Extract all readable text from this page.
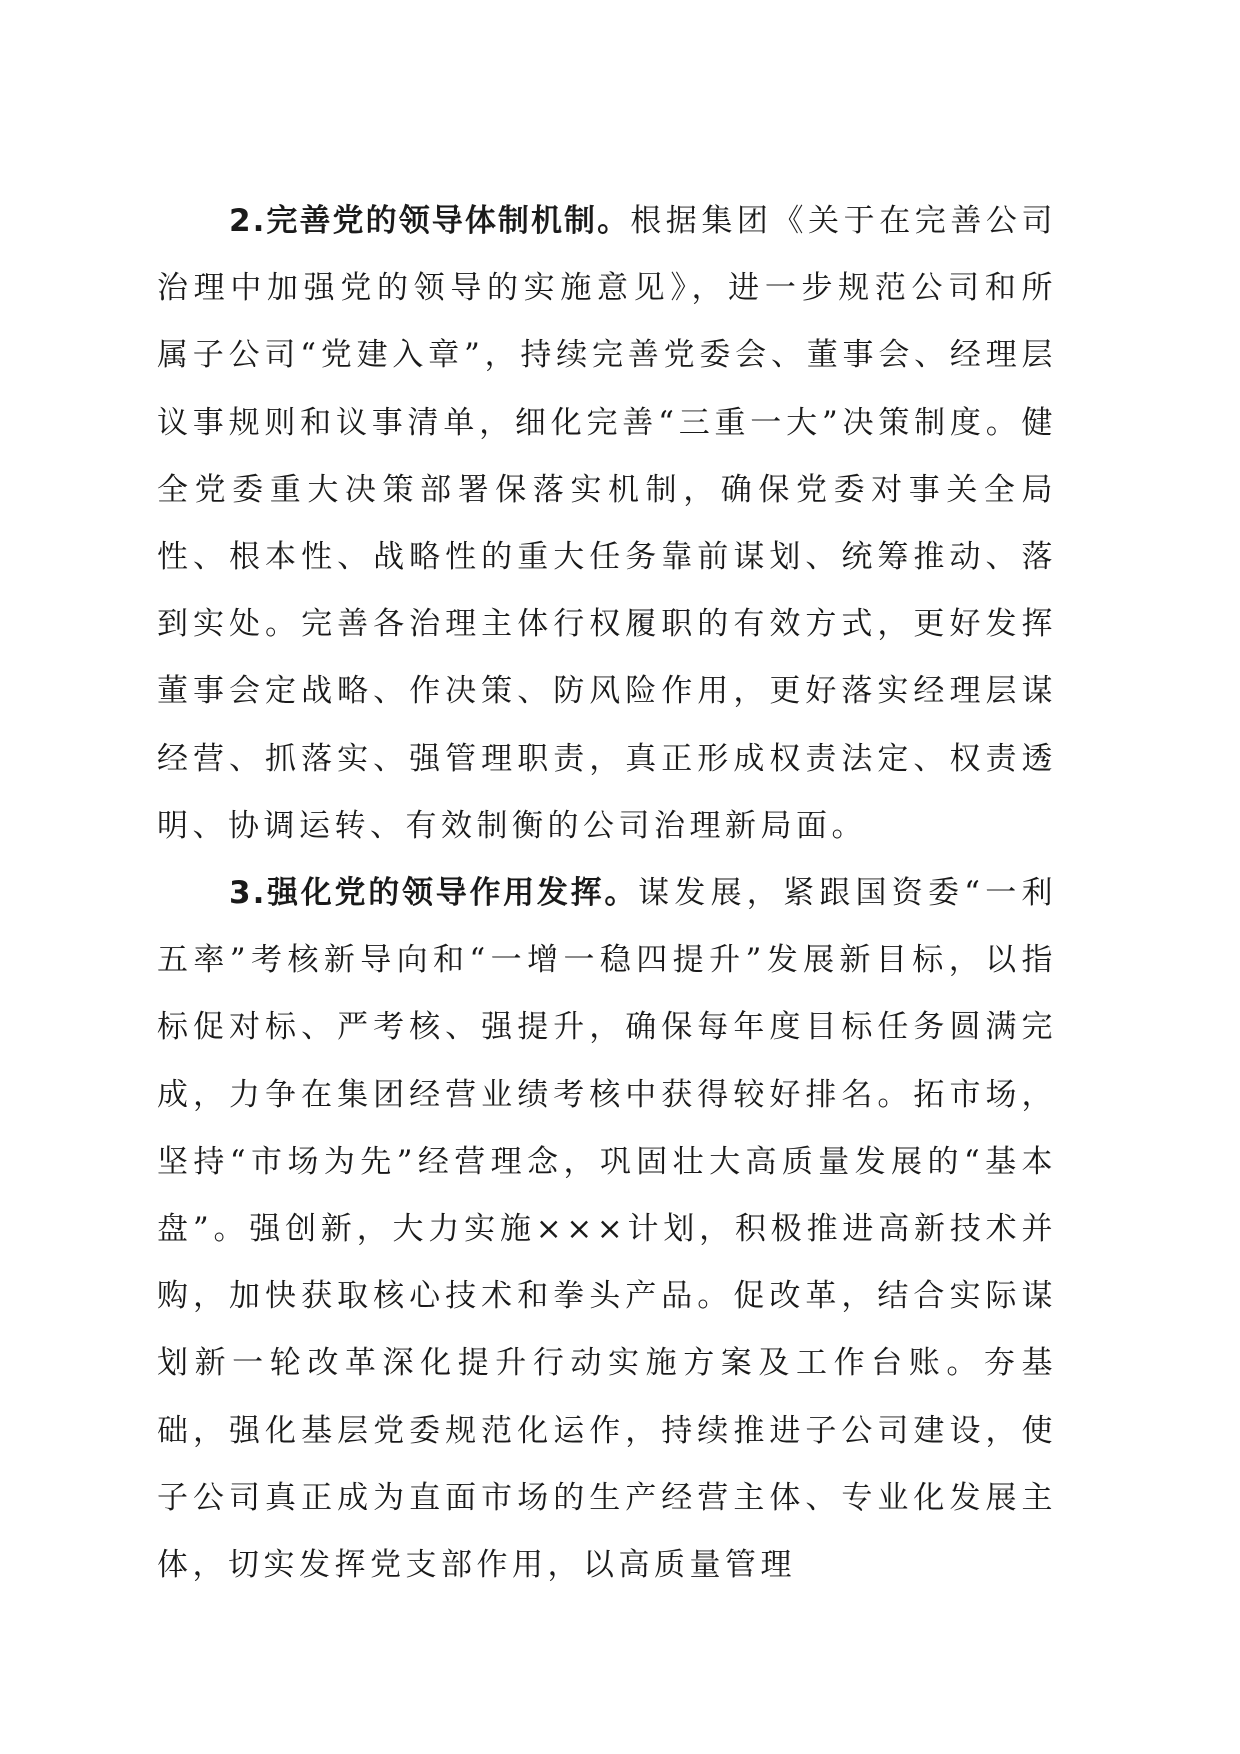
2.完善党的领导体制机制。根据集团《关于在完善公司治理中加强党的领导的实施意见》，进一步规范公司和所属子公司“党建入章”，持续完善党委会、董事会、经理层议事规则和议事清单，细化完善“三重一大”决策制度。健全党委重大决策部署保落实机制，确保党委对事关全局性、根本性、战略性的重大任务靠前谋划、统筹推动、落到实处。完善各治理主体行权履职的有效方式，更好发挥董事会定战略、作决策、防风险作用，更好落实经理层谋经营、抓落实、强管理职责，真正形成权责法定、权责透明、协调运转、有效制衡的公司治理新局面。

3.强化党的领导作用发挥。谋发展，紧跟国资委“一利五率”考核新导向和“一增一稳四提升”发展新目标，以指标促对标、严考核、强提升，确保每年度目标任务圆满完成，力争在集团经营业绩考核中获得较好排名。拓市场，坚持“市场为先”经营理念，巩固壮大高质量发展的“基本盘”。强创新，大力实施×××计划，积极推进高新技术并购，加快获取核心技术和拳头产品。促改革，结合实际谋划新一轮改革深化提升行动实施方案及工作台账。夯基础，强化基层党委规范化运作，持续推进子公司建设，使子公司真正成为直面市场的生产经营主体、专业化发展主体，切实发挥党支部作用，以高质量管理
